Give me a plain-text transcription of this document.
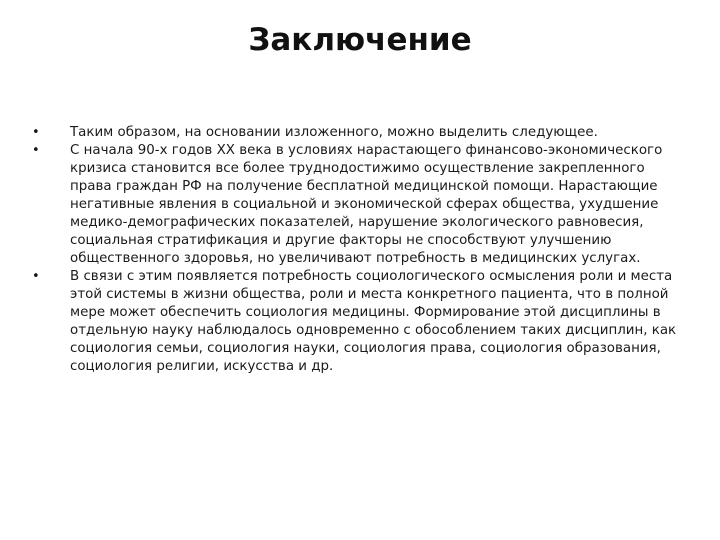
Заключение
• Таким образом, на основании изложенного, можно выделить следующее.
• С начала 90-х годов XX века в условиях нарастающего финансово-экономического кризиса становится все более труднодостижимо осуществление закрепленного права граждан РФ на получение бесплатной медицинской помощи. Нарастающие негативные явления в социальной и экономической сферах общества, ухудшение медико-демографических показателей, нарушение экологического равновесия, социальная стратификация и другие факторы не способствуют улучшению общественного здоровья, но увеличивают потребность в медицинских услугах.
• В связи с этим появляется потребность социологического осмысления роли и места этой системы в жизни общества, роли и места конкретного пациента, что в полной мере может обеспечить социология медицины. Формирование этой дисциплины в отдельную науку наблюдалось одновременно с обособлением таких дисциплин, как социология семьи, социология науки, социология права, социология образования, социология религии, искусства и др.
